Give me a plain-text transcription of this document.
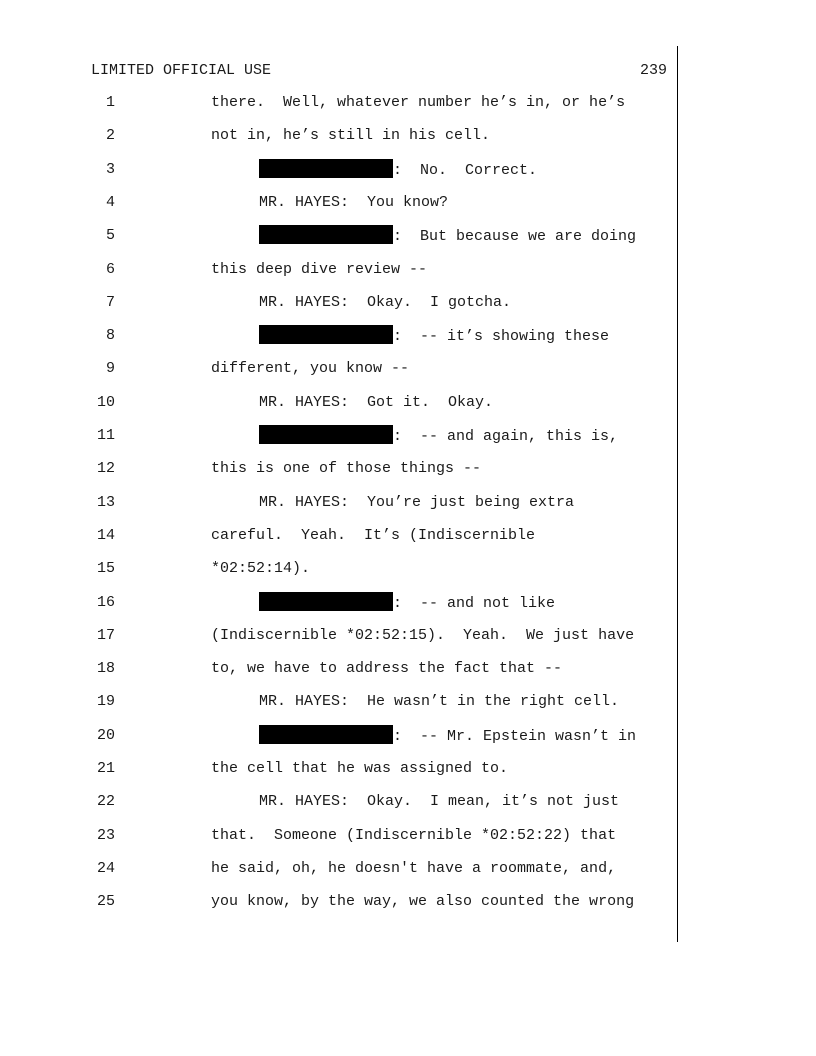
LIMITED OFFICIAL USE	239
1	there.  Well, whatever number he’s in, or he’s
2	not in, he’s still in his cell.
3	:  No.  Correct.
4	MR. HAYES:  You know?
5	:  But because we are doing
6	this deep dive review --
7	MR. HAYES:  Okay.  I gotcha.
8	:  -- it’s showing these
9	different, you know --
10	MR. HAYES:  Got it.  Okay.
11	:  -- and again, this is,
12	this is one of those things --
13	MR. HAYES:  You’re just being extra
14	careful.  Yeah.  It’s (Indiscernible
15	*02:52:14).
16	:  -- and not like
17	(Indiscernible *02:52:15).  Yeah.  We just have
18	to, we have to address the fact that --
19	MR. HAYES:  He wasn’t in the right cell.
20	:  -- Mr. Epstein wasn’t in
21	the cell that he was assigned to.
22	MR. HAYES:  Okay.  I mean, it’s not just
23	that.  Someone (Indiscernible *02:52:22) that
24	he said, oh, he doesn't have a roommate, and,
25	you know, by the way, we also counted the wrong
